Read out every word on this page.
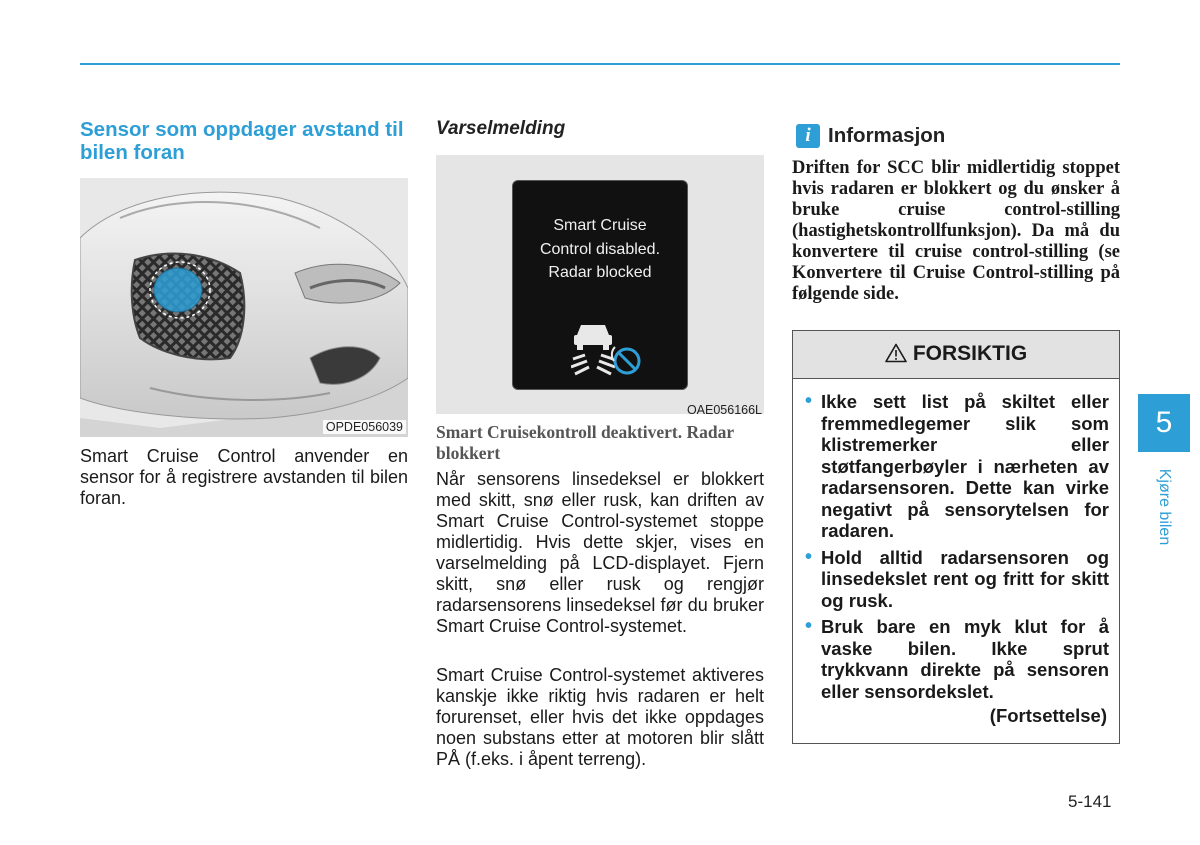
Sensor som oppdager avstand til bilen foran
OPDE056039

Smart Cruise Control anvender en sensor for å registrere avstanden til bilen foran.

Varselmelding

Smart Cruise
Control disabled.
Radar blocked

OAE056166L
Smart Cruisekontroll deaktivert. Radar blokkert

Når sensorens linsedeksel er blokkert med skitt, snø eller rusk, kan driften av Smart Cruise Control-systemet stoppe midlertidig. Hvis dette skjer, vises en varselmelding på LCD-displayet. Fjern skitt, snø eller rusk og rengjør radarsensorens linsedeksel før du bruker Smart Cruise Control-systemet.

Smart Cruise Control-systemet aktiveres kanskje ikke riktig hvis radaren er helt forurenset, eller hvis det ikke oppdages noen substans etter at motoren blir slått PÅ (f.eks. i åpent terreng).

i Informasjon

Driften for SCC blir midlertidig stoppet hvis radaren er blokkert og du ønsker å bruke cruise control-stilling (hastighetskontrollfunksjon). Da må du konvertere til cruise control-stilling (se Konvertere til Cruise Control-stilling på følgende side.

FORSIKTIG
• Ikke sett list på skiltet eller fremmedlegemer slik som klistremerker eller støtfangerbøyler i nærheten av radarsensoren. Dette kan virke negativt på sensorytelsen for radaren.
• Hold alltid radarsensoren og linsedekslet rent og fritt for skitt og rusk.
• Bruk bare en myk klut for å vaske bilen. Ikke sprut trykkvann direkte på sensoren eller sensordekslet.
(Fortsettelse)
5
Kjøre bilen
5-141
